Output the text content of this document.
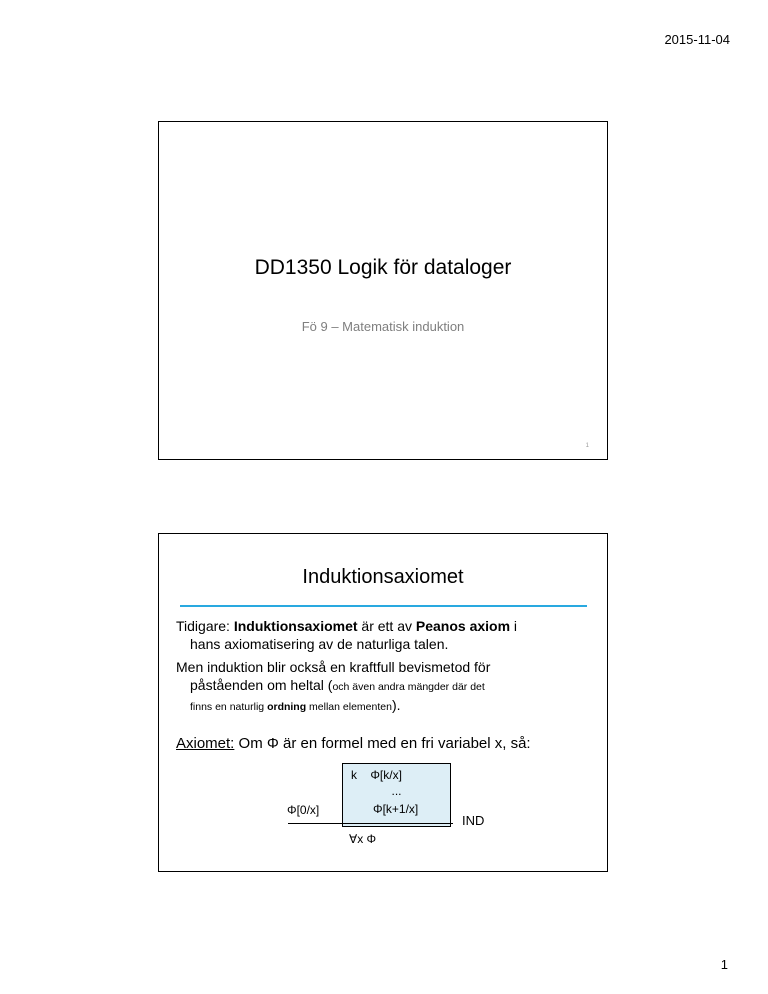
2015-11-04
DD1350 Logik för dataloger
Fö 9 – Matematisk induktion
1
Induktionsaxiomet
Tidigare: Induktionsaxiomet är ett av Peanos axiom i
hans axiomatisering av de naturliga talen.
Men induktion blir också en kraftfull bevismetod för
påståenden om heltal (och även andra mängder där det
finns en naturlig ordning mellan elementen).
Axiomet: Om Φ är en formel med en fri variabel x, så:
k    Φ[k/x]
...
Φ[k+1/x]
Φ[0/x]
IND
∀x Φ
1
